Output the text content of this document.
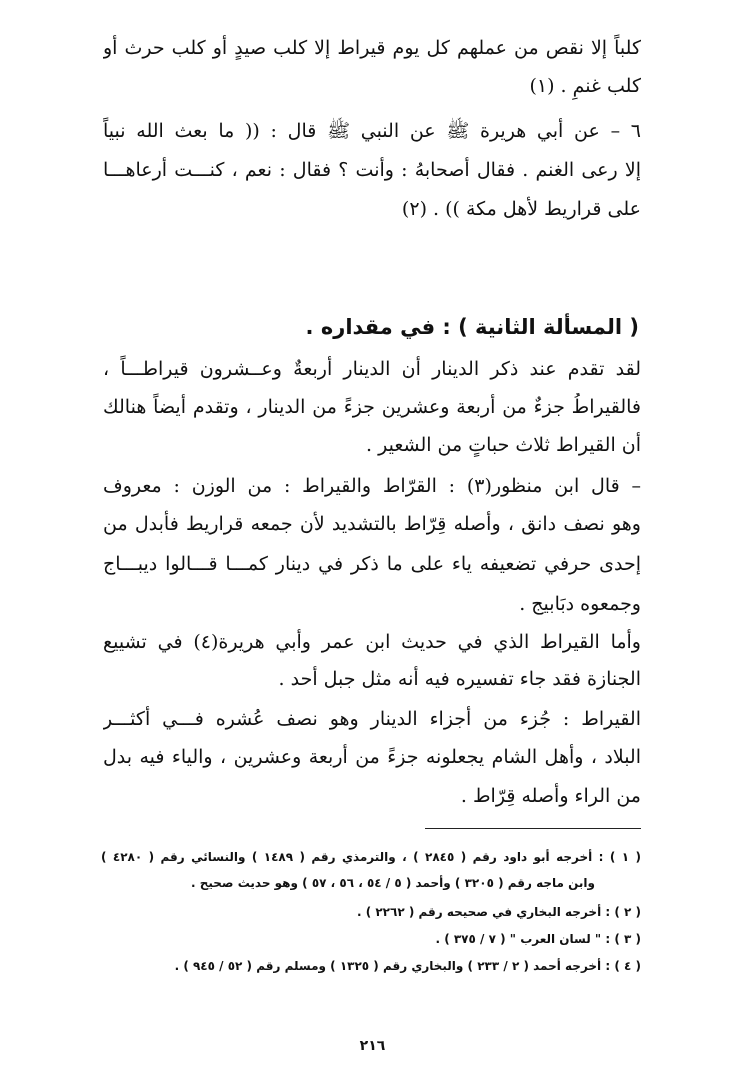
كلباً إلا نقص من عملهم كل يوم قيراط إلا كلب صيدٍ أو كلب حرث أو
كلب غنمٍ . (١)
٦ – عن أبي هريرة ﷺ عن النبي ﷺ قال : (( ما بعث الله نبياً
إلا رعى الغنم . فقال أصحابهُ : وأنت ؟ فقال : نعم ، كنـــت أرعاهـــا
على قراريط لأهل مكة )) . (٢)
( المسألة الثانية ) : في مقداره .
لقد تقدم عند ذكر الدينار أن الدينار أربعةٌ وعــشرون قيراطـــاً ،
فالقيراطُ جزءٌ من أربعة وعشرين جزءً من الدينار ، وتقدم أيضاً هنالك
أن القيراط ثلاث حباتٍ من الشعير .
– قال ابن منظور(٣) : القرّاط والقيراط : من الوزن : معروف
وهو نصف دانق ، وأصله قِرّاط بالتشديد لأن جمعه قراريط فأبدل من
إحدى حرفي تضعيفه ياء على ما ذكر في دينار كمـــا قـــالوا ديبـــاج
وجمعوه دبَابيج .
وأما القيراط الذي في حديث ابن عمر وأبي هريرة(٤) في تشييع
الجنازة فقد جاء تفسيره فيه أنه مثل جبل أحد .
القيراط : جُزء من أجزاء الدينار وهو نصف عُشره فـــي أكثـــر
البلاد ، وأهل الشام يجعلونه جزءً من أربعة وعشرين ، والياء فيه بدل
من الراء وأصله قِرّاط .
( ١ ) : أخرجه أبو داود رقم ( ٢٨٤٥ ) ، والترمذي رقم ( ١٤٨٩ ) والنسائي رقم ( ٤٢٨٠ )
وابن ماجه رقم ( ٣٢٠٥ ) وأحمد ( ٥ / ٥٤ ، ٥٦ ، ٥٧ ) وهو حديث صحيح .
( ٢ ) : أخرجه البخاري في صحيحه رقم ( ٢٢٦٢ ) .
( ٣ ) : " لسان العرب " ( ٧ / ٣٧٥ ) .
( ٤ ) : أخرجه أحمد ( ٢ / ٢٣٣ ) والبخاري رقم ( ١٣٢٥ ) ومسلم رقم ( ٥٢ / ٩٤٥ ) .
٢١٦
